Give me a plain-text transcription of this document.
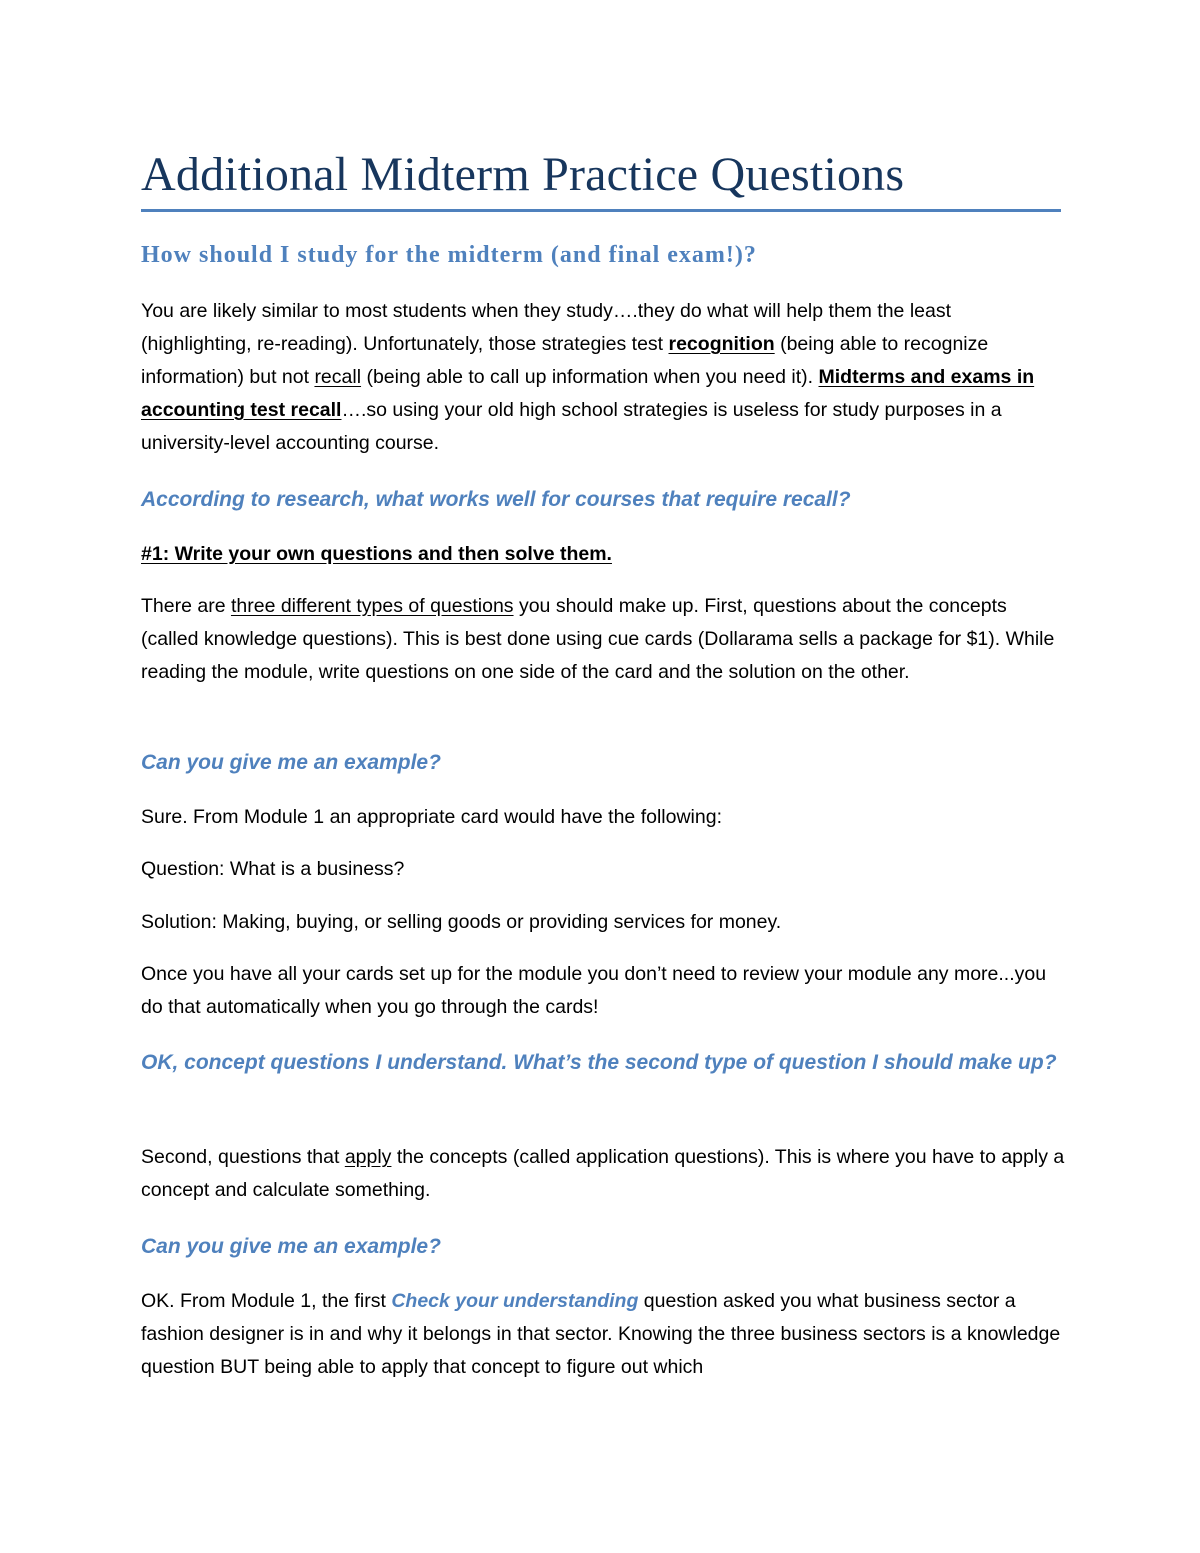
Additional Midterm Practice Questions
How should I study for the midterm (and final exam!)?
You are likely similar to most students when they study….they do what will help them the least (highlighting, re-reading). Unfortunately, those strategies test recognition (being able to recognize information) but not recall (being able to call up information when you need it). Midterms and exams in accounting test recall….so using your old high school strategies is useless for study purposes in a university-level accounting course.
According to research, what works well for courses that require recall?
#1: Write your own questions and then solve them.
There are three different types of questions you should make up. First, questions about the concepts (called knowledge questions). This is best done using cue cards (Dollarama sells a package for $1). While reading the module, write questions on one side of the card and the solution on the other.
Can you give me an example?
Sure. From Module 1 an appropriate card would have the following:
Question: What is a business?
Solution: Making, buying, or selling goods or providing services for money.
Once you have all your cards set up for the module you don’t need to review your module any more...you do that automatically when you go through the cards!
OK, concept questions I understand. What’s the second type of question I should make up?
Second, questions that apply the concepts (called application questions). This is where you have to apply a concept and calculate something.
Can you give me an example?
OK. From Module 1, the first Check your understanding question asked you what business sector a fashion designer is in and why it belongs in that sector. Knowing the three business sectors is a knowledge question BUT being able to apply that concept to figure out which
